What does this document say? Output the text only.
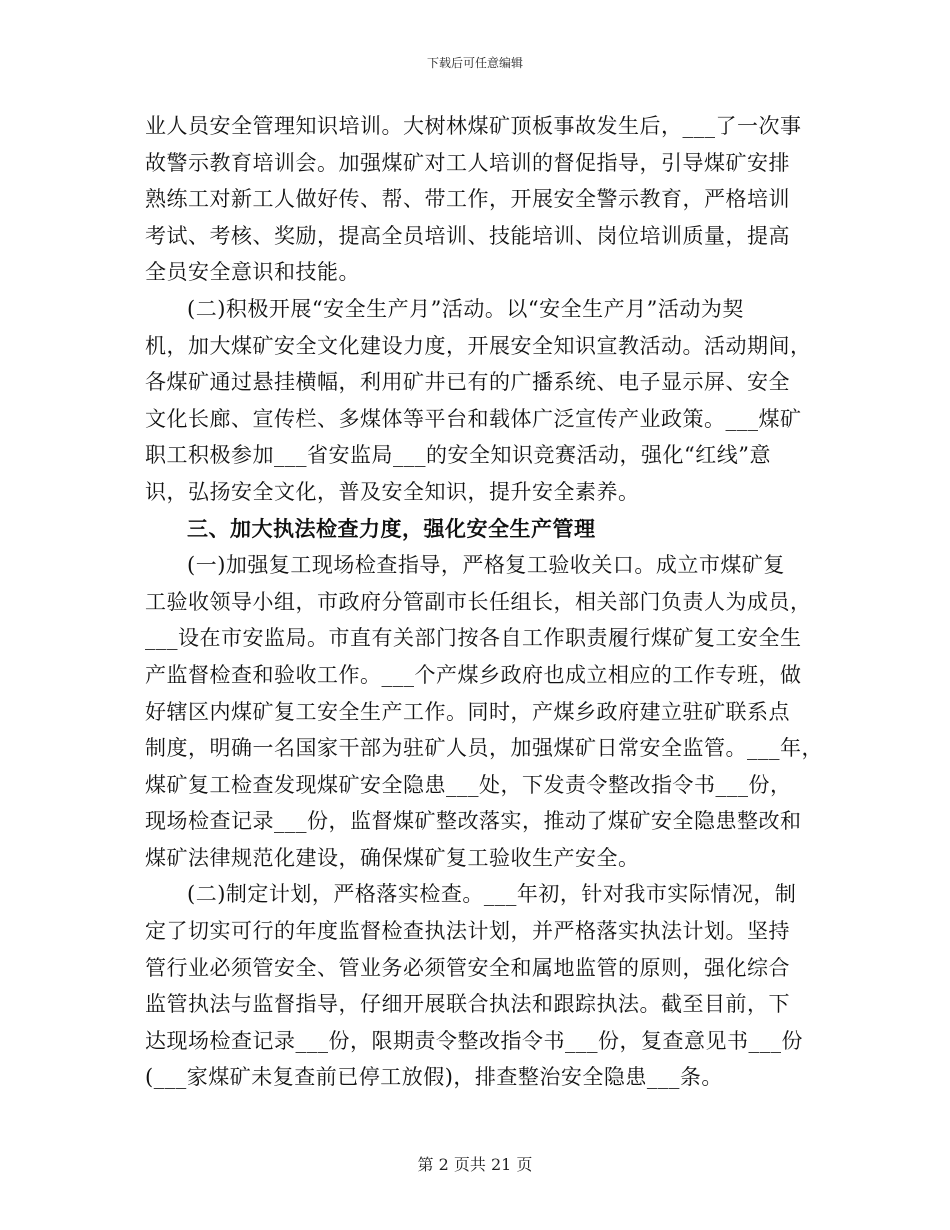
下载后可任意编辑
业人员安全管理知识培训。大树林煤矿顶板事故发生后，___了一次事
故警示教育培训会。加强煤矿对工人培训的督促指导，引导煤矿安排
熟练工对新工人做好传、帮、带工作，开展安全警示教育，严格培训
考试、考核、奖励，提高全员培训、技能培训、岗位培训质量，提高
全员安全意识和技能。
(二)积极开展“安全生产月”活动。以“安全生产月”活动为契
机，加大煤矿安全文化建设力度，开展安全知识宣教活动。活动期间，
各煤矿通过悬挂横幅，利用矿井已有的广播系统、电子显示屏、安全
文化长廊、宣传栏、多煤体等平台和载体广泛宣传产业政策。___煤矿
职工积极参加___省安监局___的安全知识竞赛活动，强化“红线”意
识，弘扬安全文化，普及安全知识，提升安全素养。
三、加大执法检查力度，强化安全生产管理
(一)加强复工现场检查指导，严格复工验收关口。成立市煤矿复
工验收领导小组，市政府分管副市长任组长，相关部门负责人为成员，
___设在市安监局。市直有关部门按各自工作职责履行煤矿复工安全生
产监督检查和验收工作。___个产煤乡政府也成立相应的工作专班，做
好辖区内煤矿复工安全生产工作。同时，产煤乡政府建立驻矿联系点
制度，明确一名国家干部为驻矿人员，加强煤矿日常安全监管。___年，
煤矿复工检查发现煤矿安全隐患___处，下发责令整改指令书___份，
现场检查记录___份，监督煤矿整改落实，推动了煤矿安全隐患整改和
煤矿法律规范化建设，确保煤矿复工验收生产安全。
(二)制定计划，严格落实检查。___年初，针对我市实际情况，制
定了切实可行的年度监督检查执法计划，并严格落实执法计划。坚持
管行业必须管安全、管业务必须管安全和属地监管的原则，强化综合
监管执法与监督指导，仔细开展联合执法和跟踪执法。截至目前，下
达现场检查记录___份，限期责令整改指令书___份，复查意见书___份
(___家煤矿未复查前已停工放假)，排查整治安全隐患___条。
第 2 页共 21 页
